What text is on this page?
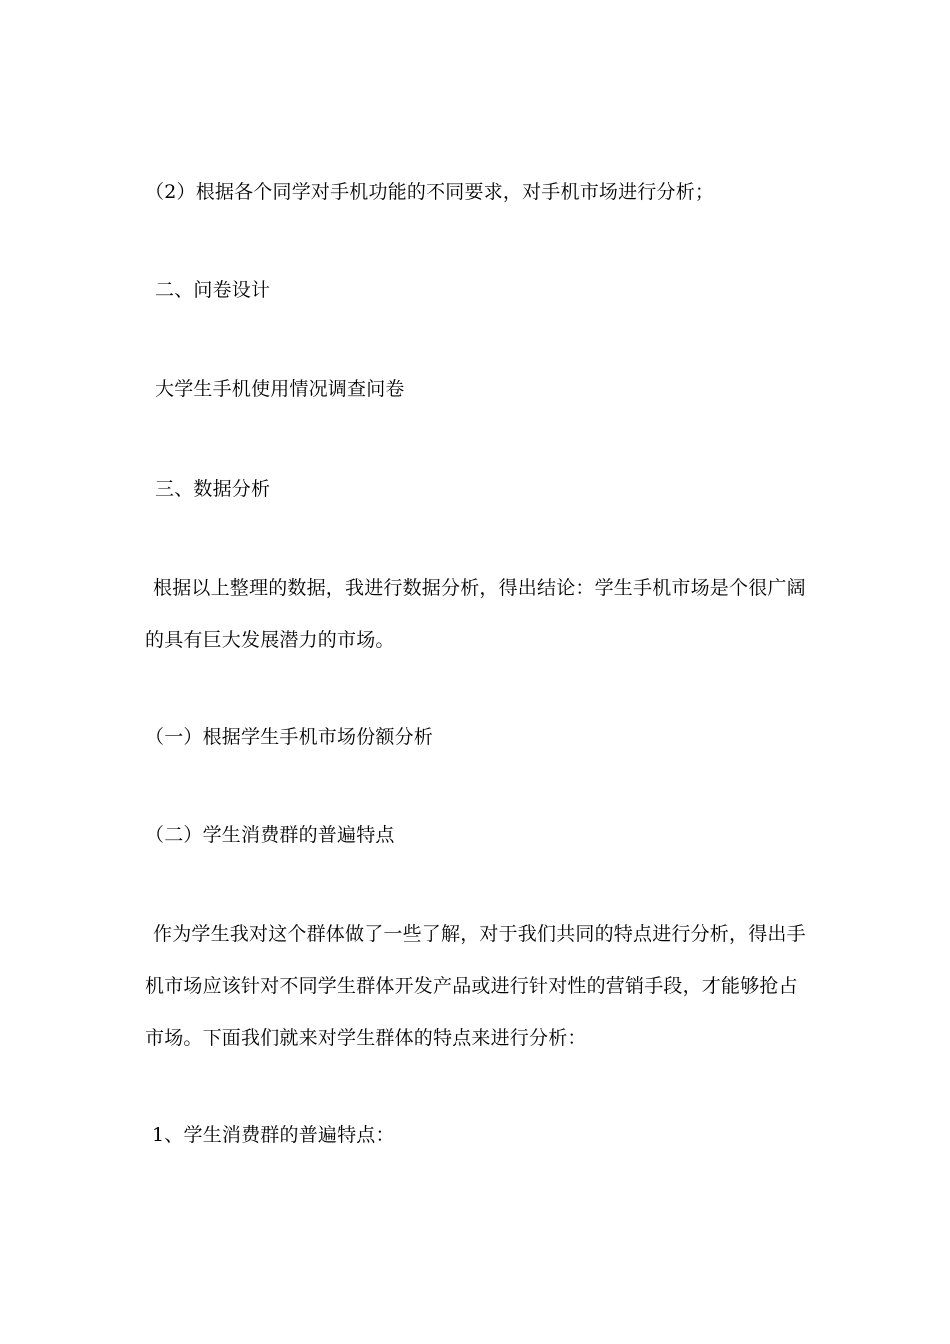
（2）根据各个同学对手机功能的不同要求，对手机市场进行分析；

二、问卷设计

大学生手机使用情况调查问卷

三、数据分析

根据以上整理的数据，我进行数据分析，得出结论：学生手机市场是个很广阔
的具有巨大发展潜力的市场。

（一）根据学生手机市场份额分析

（二）学生消费群的普遍特点

作为学生我对这个群体做了一些了解，对于我们共同的特点进行分析，得出手
机市场应该针对不同学生群体开发产品或进行针对性的营销手段，才能够抢占
市场。下面我们就来对学生群体的特点来进行分析：

1、学生消费群的普遍特点：
